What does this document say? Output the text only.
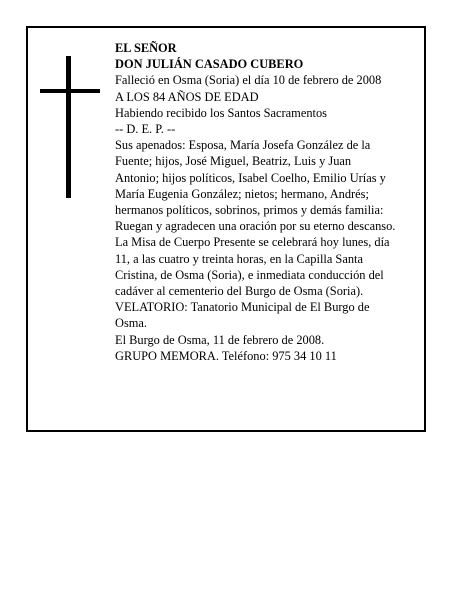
EL SEÑOR
DON JULIÁN CASADO CUBERO
Falleció en Osma (Soria) el día 10 de febrero de 2008
A LOS 84 AÑOS DE EDAD
Habiendo recibido los Santos Sacramentos
-- D. E. P. --
Sus apenados: Esposa, María Josefa González de la
Fuente; hijos, José Miguel, Beatriz, Luis y Juan
Antonio; hijos políticos, Isabel Coelho, Emilio Urías y
María Eugenia González; nietos; hermano, Andrés;
hermanos políticos, sobrinos, primos y demás familia:
Ruegan y agradecen una oración por su eterno descanso.
La Misa de Cuerpo Presente se celebrará hoy lunes, día
11, a las cuatro y treinta horas, en la Capilla Santa
Cristina, de Osma (Soria), e inmediata conducción del
cadáver al cementerio del Burgo de Osma (Soria).
VELATORIO: Tanatorio Municipal de El Burgo de
Osma.
El Burgo de Osma, 11 de febrero de 2008.
GRUPO MEMORA. Teléfono: 975 34 10 11
